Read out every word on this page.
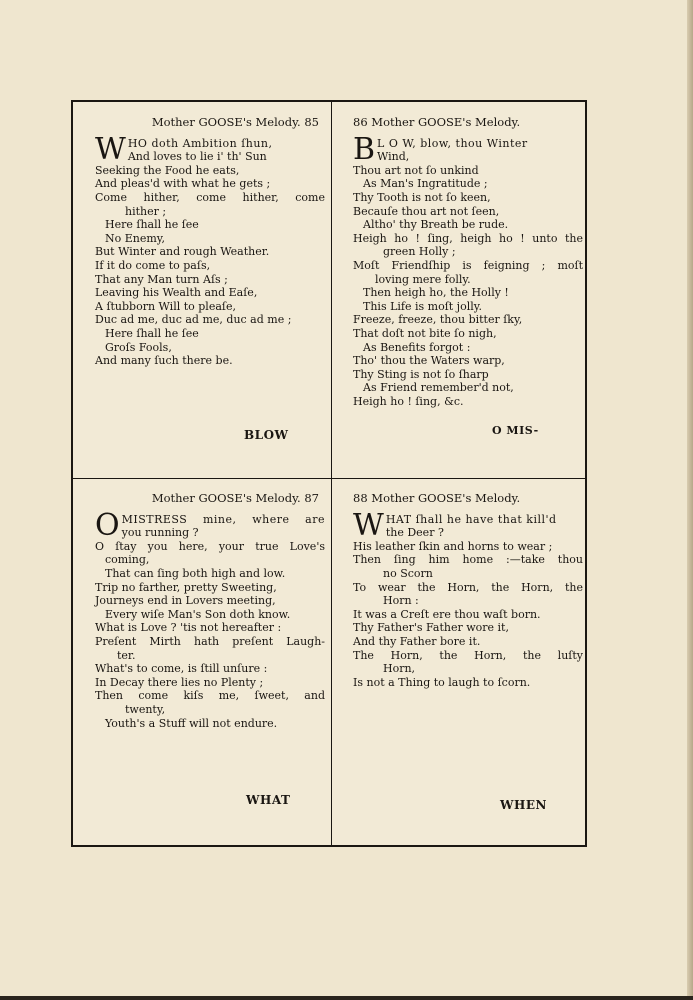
Mother GOOSE's Melody. 85
W HO doth Ambition ſhun,
And loves to lie i' th' Sun
Seeking the Food he eats,
And pleas'd with what he gets ;
Come hither, come hither, come
hither ;
Here ſhall he ſee
No Enemy,
But Winter and rough Weather.
If it do come to paſs,
That any Man turn Aſs ;
Leaving his Wealth and Eaſe,
A ſtubborn Will to pleaſe,
Duc ad me, duc ad me, duc ad me ;
Here ſhall he ſee
Groſs Fools,
And many ſuch there be.
86 Mother GOOSE's Melody.
B L O W, blow, thou Winter
Wind,
Thou art not ſo unkind
As Man's Ingratitude ;
Thy Tooth is not ſo keen,
Becauſe thou art not ſeen,
Altho' thy Breath be rude.
Heigh ho ! ſing, heigh ho ! unto the
green Holly ;
Moſt Friendſhip is feigning ; moſt
loving mere folly.
Then heigh ho, the Holly !
This Life is moſt jolly.
Freeze, freeze, thou bitter ſky,
That doſt not bite ſo nigh,
As Benefits forgot :
Tho' thou the Waters warp,
Thy Sting is not ſo ſharp
As Friend remember'd not,
Heigh ho ! ſing, &c.
Mother GOOSE's Melody. 87
O MISTRESS mine, where are
you running ?
O ſtay you here, your true Love's
coming,
That can ſing both high and low.
Trip no farther, pretty Sweeting,
Journeys end in Lovers meeting,
Every wiſe Man's Son doth know.
What is Love ? 'tis not hereafter :
Preſent Mirth hath preſent Laugh-
ter.
What's to come, is ſtill unſure :
In Decay there lies no Plenty ;
Then come kiſs me, ſweet, and
twenty,
Youth's a Stuff will not endure.
88 Mother GOOSE's Melody.
W HAT ſhall he have that kill'd
the Deer ?
His leather ſkin and horns to wear ;
Then ſing him home :—take thou
no Scorn
To wear the Horn, the Horn, the
Horn :
It was a Creſt ere thou waſt born.
Thy Father's Father wore it,
And thy Father bore it.
The Horn, the Horn, the luſty
Horn,
Is not a Thing to laugh to ſcorn.
BLOW	O MIS-
WHAT	WHEN
